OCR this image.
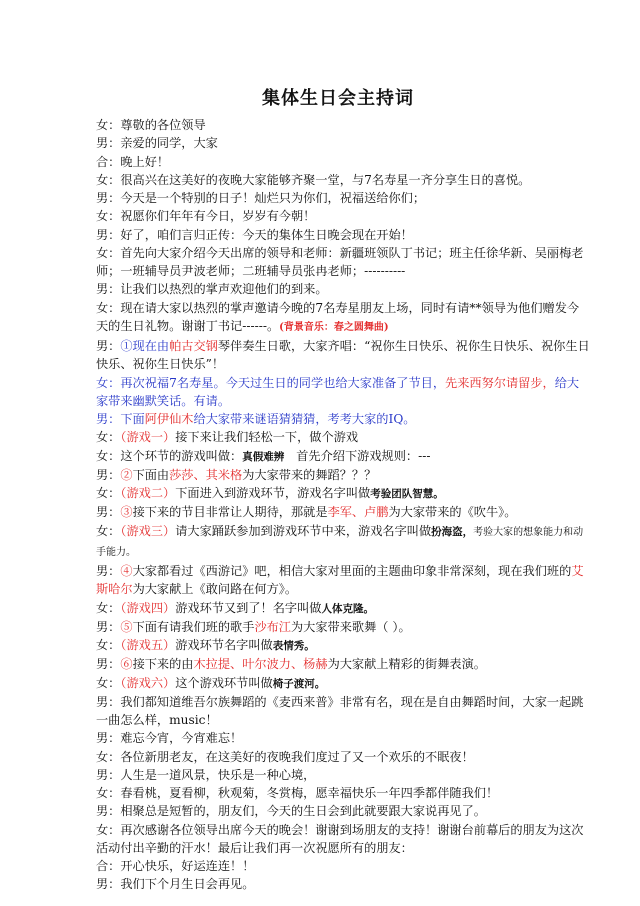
集体生日会主持词
女：尊敬的各位领导
男：亲爱的同学，大家
合：晚上好！
女：很高兴在这美好的夜晚大家能够齐聚一堂，与7名寿星一齐分享生日的喜悦。
男：今天是一个特别的日子！灿烂只为你们，祝福送给你们；
女：祝愿你们年年有今日，岁岁有今朝！
男：好了，咱们言归正传：今天的集体生日晚会现在开始！
女：首先向大家介绍今天出席的领导和老师：新疆班领队丁书记；班主任徐华新、吴丽梅老师；一班辅导员尹波老师；二班辅导员张冉老师；----------
男：让我们以热烈的掌声欢迎他们的到来。
女：现在请大家以热烈的掌声邀请今晚的7名寿星朋友上场，同时有请**领导为他们赠发今天的生日礼物。谢谢丁书记------。(背景音乐：春之圆舞曲)
男：①现在由帕古交钢琴伴奏生日歌，大家齐唱：“祝你生日快乐、祝你生日快乐、祝你生日快乐、祝你生日快乐”！
女：再次祝福7名寿星。今天过生日的同学也给大家准备了节目，先来西努尔请留步，给大家带来幽默笑话。有请。
男：下面阿伊仙木给大家带来谜语猜猜猜，考考大家的IQ。
女：（游戏一）接下来让我们轻松一下，做个游戏
女：这个环节的游戏叫做：真假难辨 首先介绍下游戏规则：---
男：②下面由莎莎、其米格为大家带来的舞蹈？？？
女：（游戏二）下面进入到游戏环节，游戏名字叫做考验团队智慧。
男：③接下来的节目非常让人期待，那就是李军、卢鹏为大家带来的《吹牛》。
女：（游戏三）请大家踊跃参加到游戏环节中来，游戏名字叫做扮海盗，考验大家的想象能力和动手能力。
男：④大家都看过《西游记》吧，相信大家对里面的主题曲印象非常深刻，现在我们班的艾斯哈尔为大家献上《敢问路在何方》。
女：（游戏四）游戏环节又到了！名字叫做人体克隆。
男：⑤下面有请我们班的歌手沙布江为大家带来歌舞（ ）。
女：（游戏五）游戏环节名字叫做表情秀。
男：⑥接下来的由木拉提、叶尔波力、杨赫为大家献上精彩的街舞表演。
女：（游戏六）这个游戏环节叫做椅子渡河。
男：我们都知道维吾尔族舞蹈的《麦西来普》非常有名，现在是自由舞蹈时间，大家一起跳一曲怎么样，music！
男：难忘今宵，今宵难忘！
女：各位新朋老友，在这美好的夜晚我们度过了又一个欢乐的不眠夜！
男：人生是一道风景，快乐是一种心境，
女：春看桃，夏看柳，秋观菊，冬赏梅，愿幸福快乐一年四季都伴随我们！
男：相聚总是短暂的，朋友们，今天的生日会到此就要跟大家说再见了。
女：再次感谢各位领导出席今天的晚会！谢谢到场朋友的支持！谢谢台前幕后的朋友为这次活动付出辛勤的汗水！最后让我们再一次祝愿所有的朋友：
合：开心快乐，好运连连！！
男：我们下个月生日会再见。
